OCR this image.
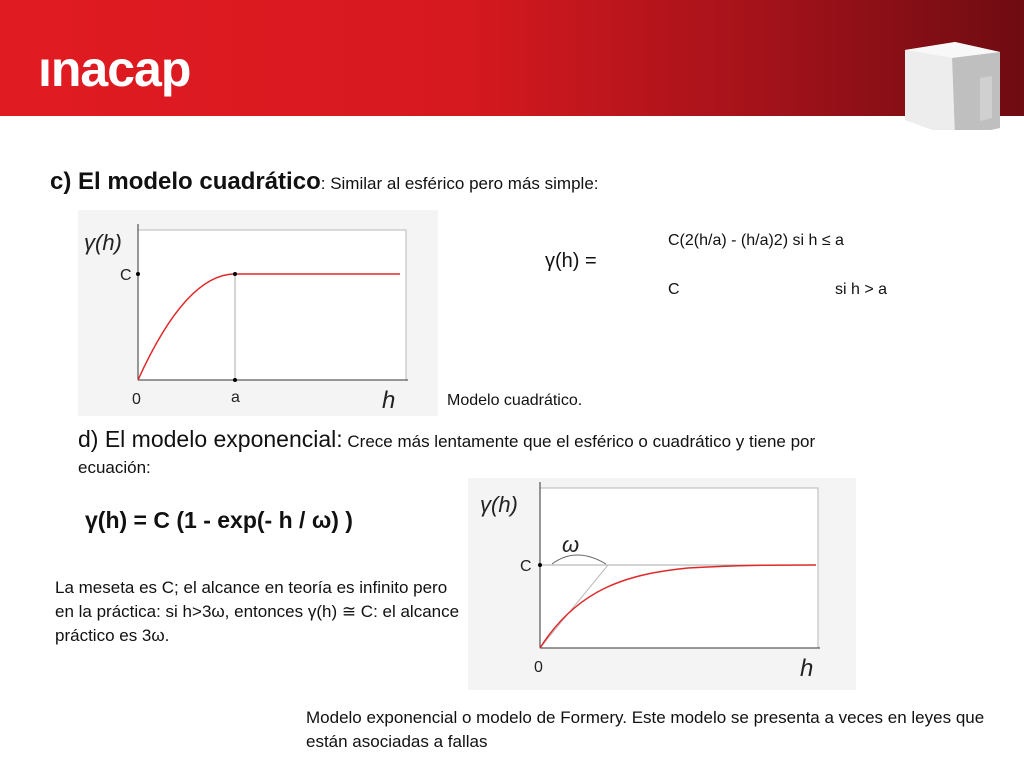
ınacap
c) El modelo cuadrático: Similar al esférico pero más simple:
γ(h)
C
0	a	h
γ(h) =
C(2(h/a) - (h/a)2) si h ≤ a
C	si h > a
Modelo cuadrático.
d) El modelo exponencial: Crece más lentamente que el esférico o cuadrático y tiene por
ecuación:
γ(h) = C (1 - exp(- h / ω) )
La meseta es C; el alcance en teoría es infinito pero en la práctica: si h>3ω, entonces γ(h) ≅ C: el alcance práctico es 3ω.
γ(h)
ω
C
0	h
Modelo exponencial o modelo de Formery. Este modelo se presenta a veces en leyes que están asociadas a fallas
